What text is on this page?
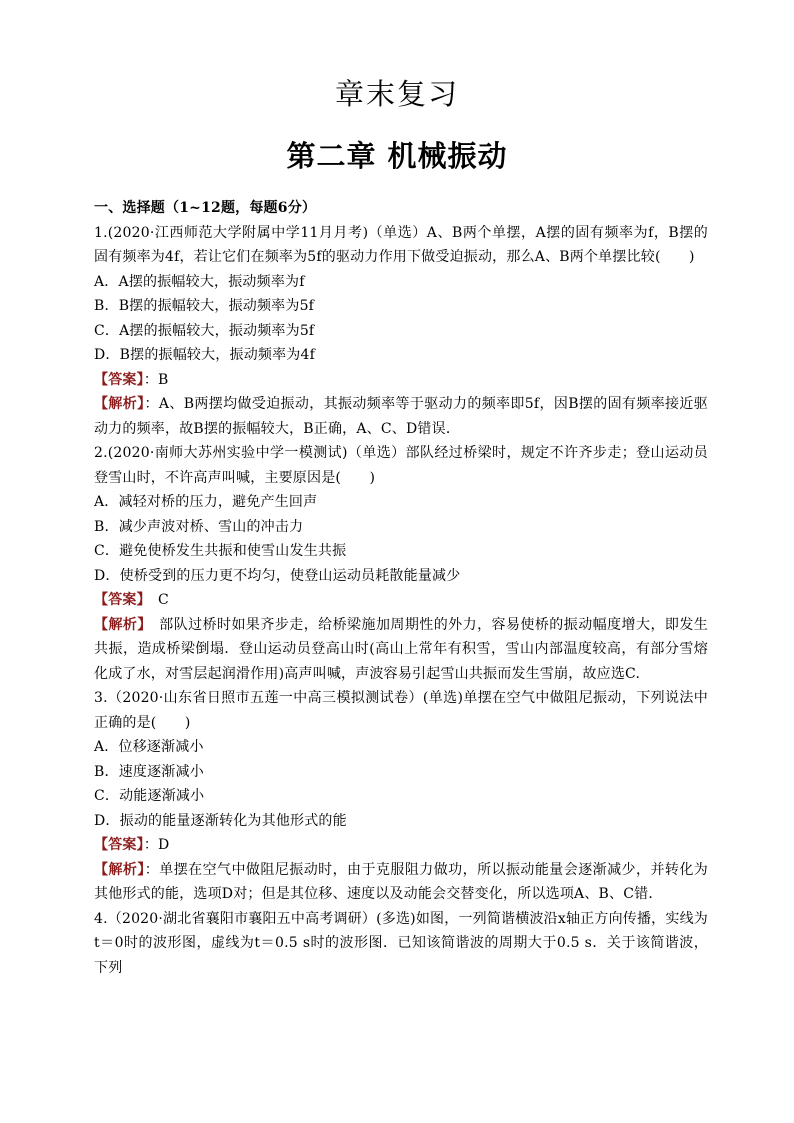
章末复习
第二章 机械振动

一、选择题（1~12题，每题6分）

1.(2020·江西师范大学附属中学11月月考)（单选）A、B两个单摆，A摆的固有频率为f，B摆的固有频率为4f，若让它们在频率为5f的驱动力作用下做受迫振动，那么A、B两个单摆比较(　　)

A．A摆的振幅较大，振动频率为f

B．B摆的振幅较大，振动频率为5f

C．A摆的振幅较大，振动频率为5f

D．B摆的振幅较大，振动频率为4f

【答案】：B

【解析】：A、B两摆均做受迫振动，其振动频率等于驱动力的频率即5f，因B摆的固有频率接近驱动力的频率，故B摆的振幅较大，B正确，A、C、D错误．

2.(2020·南师大苏州实验中学一模测试)（单选）部队经过桥梁时，规定不许齐步走；登山运动员登雪山时，不许高声叫喊，主要原因是(　　)

A．减轻对桥的压力，避免产生回声

B．减少声波对桥、雪山的冲击力

C．避免使桥发生共振和使雪山发生共振

D．使桥受到的压力更不均匀，使登山运动员耗散能量减少

【答案】　C

【解析】　部队过桥时如果齐步走，给桥梁施加周期性的外力，容易使桥的振动幅度增大，即发生共振，造成桥梁倒塌．登山运动员登高山时(高山上常年有积雪，雪山内部温度较高，有部分雪熔化成了水，对雪层起润滑作用)高声叫喊，声波容易引起雪山共振而发生雪崩，故应选C.

3.（2020·山东省日照市五莲一中高三模拟测试卷）(单选)单摆在空气中做阻尼振动，下列说法中正确的是(　　)

A．位移逐渐减小

B．速度逐渐减小

C．动能逐渐减小

D．振动的能量逐渐转化为其他形式的能

【答案】：D

【解析】：单摆在空气中做阻尼振动时，由于克服阻力做功，所以振动能量会逐渐减少，并转化为其他形式的能，选项D对；但是其位移、速度以及动能会交替变化，所以选项A、B、C错．

4.（2020·湖北省襄阳市襄阳五中高考调研）(多选)如图，一列简谐横波沿x轴正方向传播，实线为t＝0时的波形图，虚线为t＝0.5 s时的波形图．已知该简谐波的周期大于0.5 s．关于该简谐波，下列
